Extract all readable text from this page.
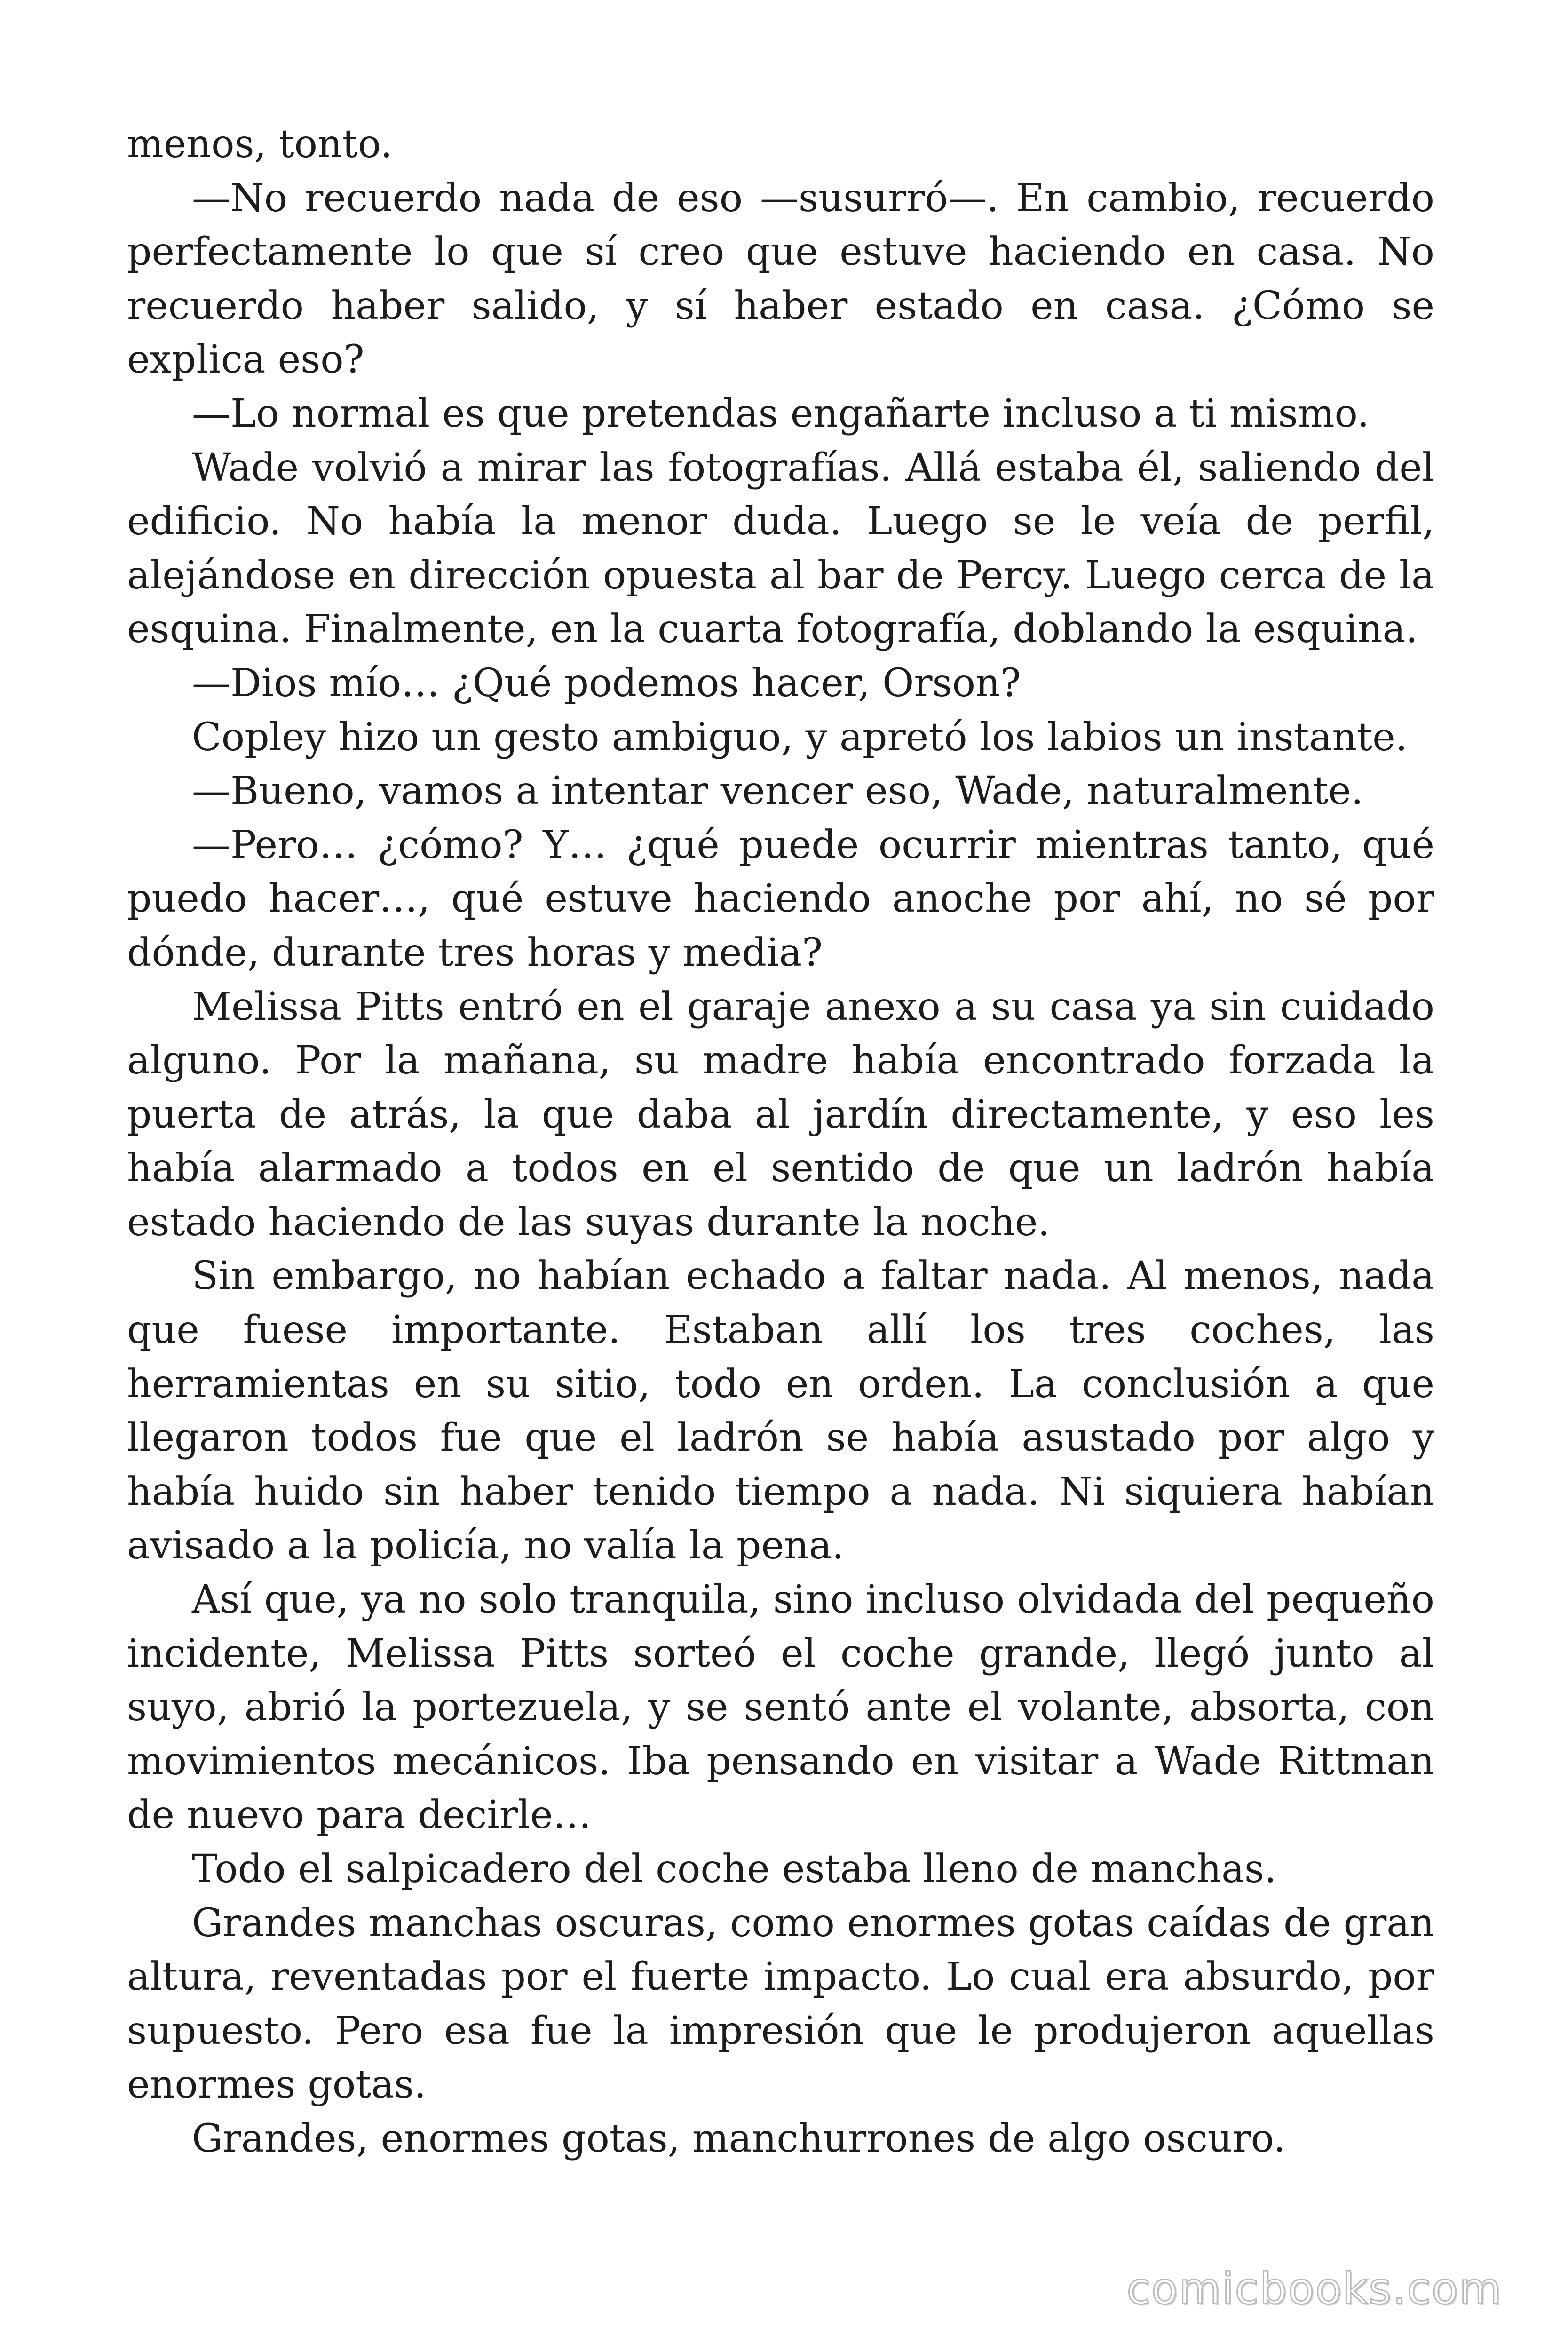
menos, tonto.

—No recuerdo nada de eso —susurró—. En cambio, recuerdo perfectamente lo que sí creo que estuve haciendo en casa. No recuerdo haber salido, y sí haber estado en casa. ¿Cómo se explica eso?

—Lo normal es que pretendas engañarte incluso a ti mismo.

Wade volvió a mirar las fotografías. Allá estaba él, saliendo del edificio. No había la menor duda. Luego se le veía de perfil, alejándose en dirección opuesta al bar de Percy. Luego cerca de la esquina. Finalmente, en la cuarta fotografía, doblando la esquina.

—Dios mío… ¿Qué podemos hacer, Orson?

Copley hizo un gesto ambiguo, y apretó los labios un instante.

—Bueno, vamos a intentar vencer eso, Wade, naturalmente.

—Pero… ¿cómo? Y… ¿qué puede ocurrir mientras tanto, qué puedo hacer…, qué estuve haciendo anoche por ahí, no sé por dónde, durante tres horas y media?

Melissa Pitts entró en el garaje anexo a su casa ya sin cuidado alguno. Por la mañana, su madre había encontrado forzada la puerta de atrás, la que daba al jardín directamente, y eso les había alarmado a todos en el sentido de que un ladrón había estado haciendo de las suyas durante la noche.

Sin embargo, no habían echado a faltar nada. Al menos, nada que fuese importante. Estaban allí los tres coches, las herramientas en su sitio, todo en orden. La conclusión a que llegaron todos fue que el ladrón se había asustado por algo y había huido sin haber tenido tiempo a nada. Ni siquiera habían avisado a la policía, no valía la pena.

Así que, ya no solo tranquila, sino incluso olvidada del pequeño incidente, Melissa Pitts sorteó el coche grande, llegó junto al suyo, abrió la portezuela, y se sentó ante el volante, absorta, con movimientos mecánicos. Iba pensando en visitar a Wade Rittman de nuevo para decirle…

Todo el salpicadero del coche estaba lleno de manchas.

Grandes manchas oscuras, como enormes gotas caídas de gran altura, reventadas por el fuerte impacto. Lo cual era absurdo, por supuesto. Pero esa fue la impresión que le produjeron aquellas enormes gotas.

Grandes, enormes gotas, manchurrones de algo oscuro.

comicbooks.com
